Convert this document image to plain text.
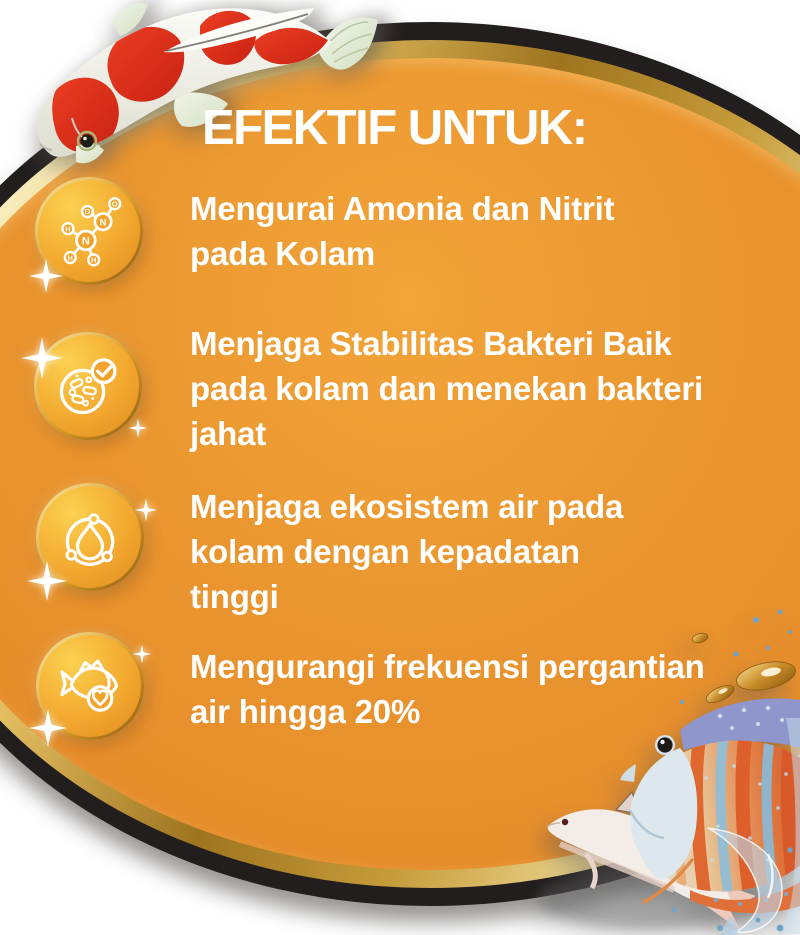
EFEKTIF UNTUK:
N
N
H
H H
O
O Mengurai Amonia dan Nitrit
pada Kolam
Menjaga Stabilitas Bakteri Baik
pada kolam dan menekan bakteri
jahat
Menjaga ekosistem air pada
kolam dengan kepadatan
tinggi
Mengurangi frekuensi pergantian
air hingga 20%
